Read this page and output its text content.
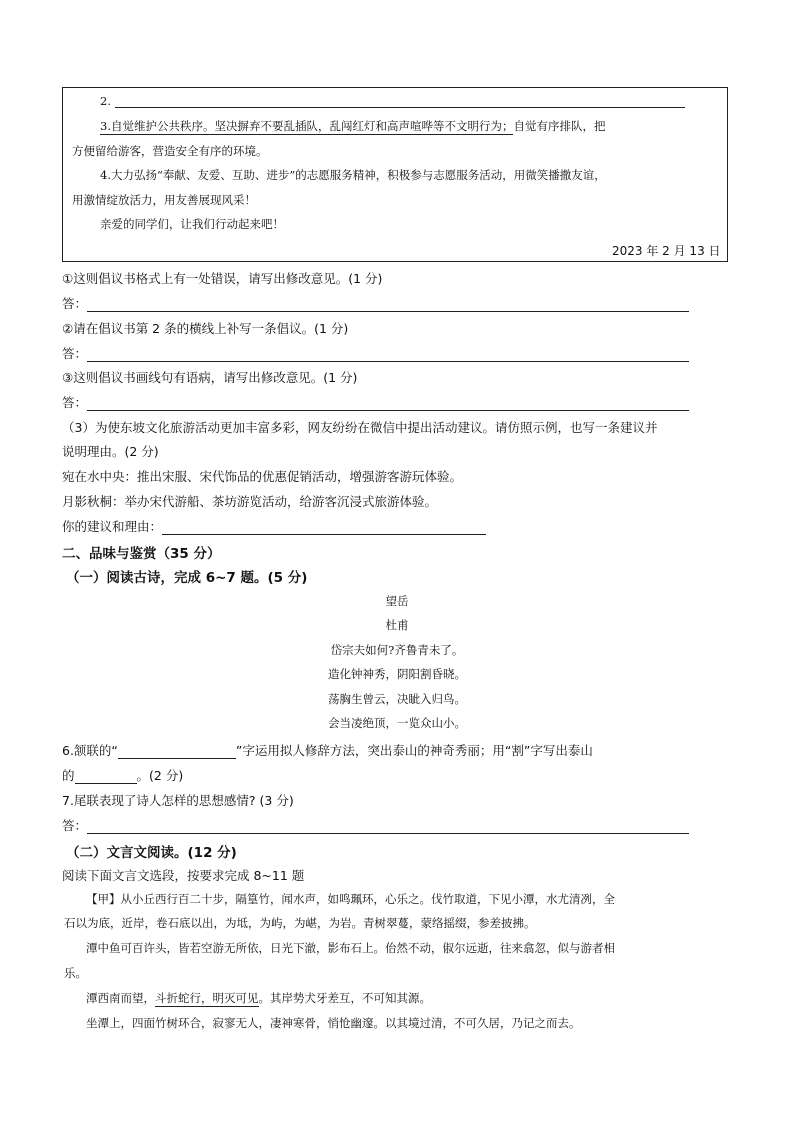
2.
3.自觉维护公共秩序。坚决摒弃不要乱插队，乱闯红灯和高声喧哗等不文明行为；自觉有序排队，把
方便留给游客，营造安全有序的环境。
4.大力弘扬“奉献、友爱、互助、进步”的志愿服务精神，积极参与志愿服务活动，用微笑播撒友谊，
用激情绽放活力，用友善展现风采！
亲爱的同学们，让我们行动起来吧！
2023 年 2 月 13 日
①这则倡议书格式上有一处错误，请写出修改意见。(1 分)
答：
②请在倡议书第 2 条的横线上补写一条倡议。(1 分)
答：
③这则倡议书画线句有语病，请写出修改意见。(1 分)
答：
（3）为使东坡文化旅游活动更加丰富多彩，网友纷纷在微信中提出活动建议。请仿照示例，也写一条建议并
说明理由。(2 分)
宛在水中央：推出宋服、宋代饰品的优惠促销活动，增强游客游玩体验。
月影秋桐：举办宋代游船、茶坊游览活动，给游客沉浸式旅游体验。
你的建议和理由：
二、品味与鉴赏（35 分）
（一）阅读古诗，完成 6~7 题。(5 分)
望岳
杜甫
岱宗夫如何?齐鲁青未了。
造化钟神秀，阴阳割昏晓。
荡胸生曾云，决眦入归鸟。
会当凌绝顶，一览众山小。
6.颔联的“	”字运用拟人修辞方法，突出泰山的神奇秀丽；用“割”字写出泰山
的	。(2 分)
7.尾联表现了诗人怎样的思想感情? (3 分)
答：
（二）文言文阅读。(12 分)
阅读下面文言文选段，按要求完成 8~11 题
【甲】从小丘西行百二十步，隔篁竹，闻水声，如鸣珮环，心乐之。伐竹取道，下见小潭，水尤清冽，全
石以为底，近岸，卷石底以出，为坻，为屿，为嵁，为岩。青树翠蔓，蒙络摇缀，参差披拂。
潭中鱼可百许头，皆若空游无所依，日光下澈，影布石上。佁然不动，俶尔远逝，往来翕忽，似与游者相
乐。
潭西南而望，斗折蛇行，明灭可见。其岸势犬牙差互，不可知其源。
坐潭上，四面竹树环合，寂寥无人，凄神寒骨，悄怆幽邃。以其境过清，不可久居，乃记之而去。
